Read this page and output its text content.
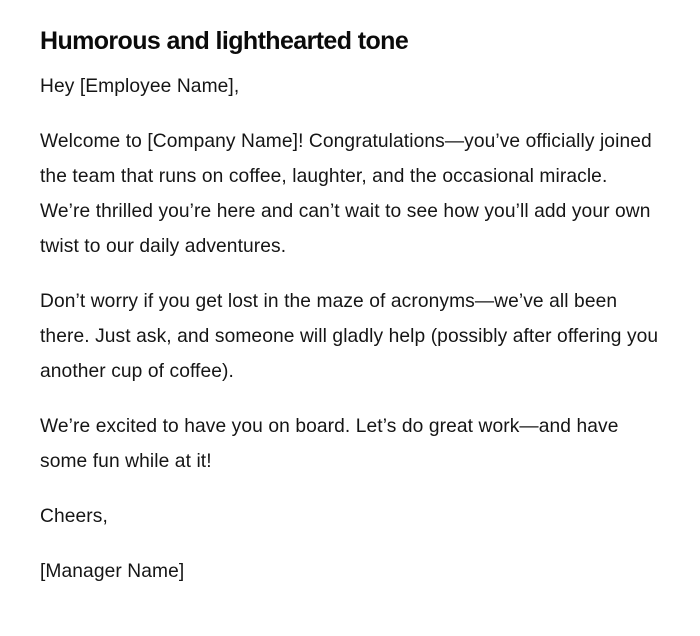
Humorous and lighthearted tone

Hey [Employee Name],

Welcome to [Company Name]! Congratulations—you’ve officially joined the team that runs on coffee, laughter, and the occasional miracle. We’re thrilled you’re here and can’t wait to see how you’ll add your own twist to our daily adventures.

Don’t worry if you get lost in the maze of acronyms—we’ve all been there. Just ask, and someone will gladly help (possibly after offering you another cup of coffee).

We’re excited to have you on board. Let’s do great work—and have some fun while at it!

Cheers,

[Manager Name]
